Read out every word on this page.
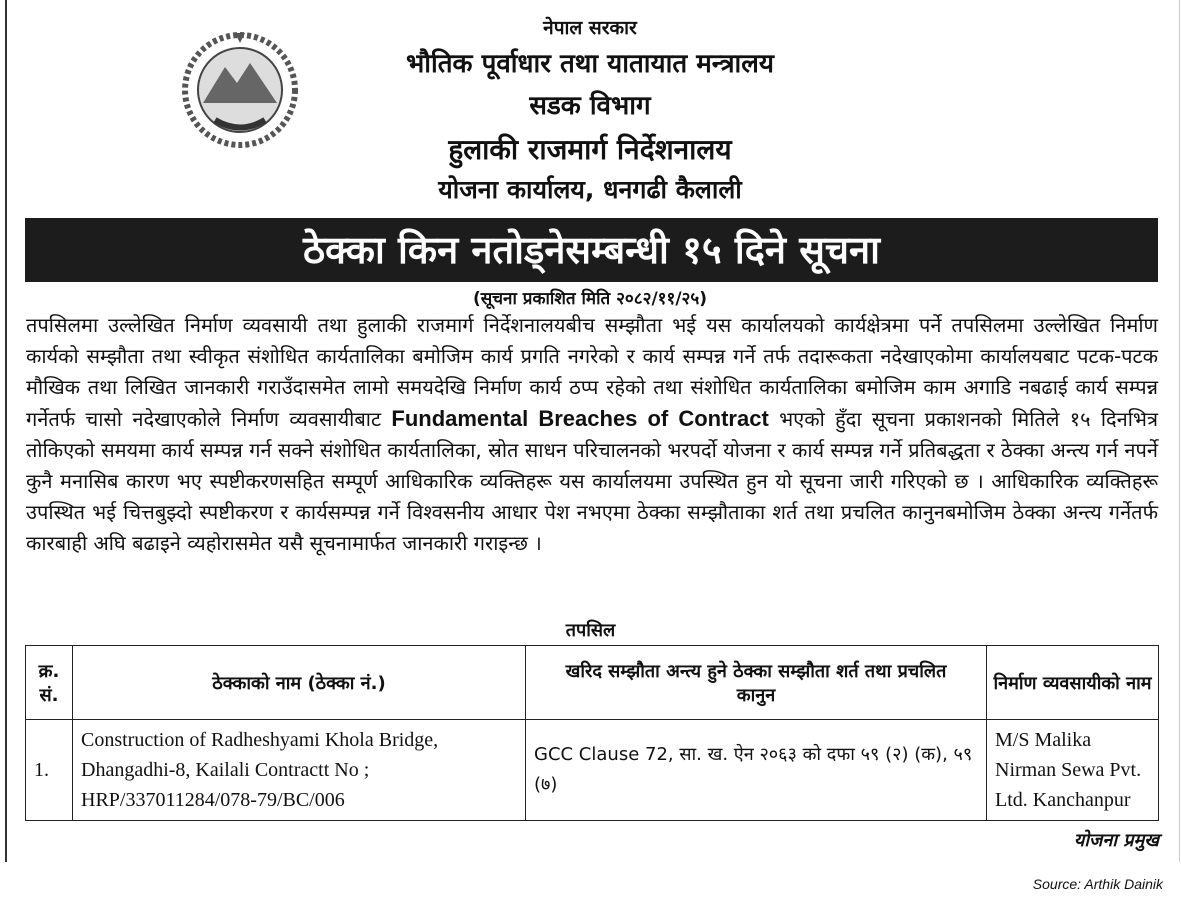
नेपाल सरकार
भौतिक पूर्वाधार तथा यातायात मन्त्रालय
सडक विभाग
हुलाकी राजमार्ग निर्देशनालय
योजना कार्यालय, धनगढी कैलाली
ठेक्का किन नतोड्नेसम्बन्धी १५ दिने सूचना
(सूचना प्रकाशित मिति २०८२/११/२५)
तपसिलमा उल्लेखित निर्माण व्यवसायी तथा हुलाकी राजमार्ग निर्देशनालयबीच सम्झौता भई यस कार्यालयको कार्यक्षेत्रमा पर्ने तपसिलमा उल्लेखित निर्माण कार्यको सम्झौता तथा स्वीकृत संशोधित कार्यतालिका बमोजिम कार्य प्रगति नगरेको र कार्य सम्पन्न गर्ने तर्फ तदारूकता नदेखाएकोमा कार्यालयबाट पटक-पटक मौखिक तथा लिखित जानकारी गराउँदासमेत लामो समयदेखि निर्माण कार्य ठप्प रहेको तथा संशोधित कार्यतालिका बमोजिम काम अगाडि नबढाई कार्य सम्पन्न गर्नेतर्फ चासो नदेखाएकोले निर्माण व्यवसायीबाट Fundamental Breaches of Contract भएको हुँदा सूचना प्रकाशनको मितिले १५ दिनभित्र तोकिएको समयमा कार्य सम्पन्न गर्न सक्ने संशोधित कार्यतालिका, स्रोत साधन परिचालनको भरपर्दो योजना र कार्य सम्पन्न गर्ने प्रतिबद्धता र ठेक्का अन्त्य गर्न नपर्ने कुनै मनासिब कारण भए स्पष्टीकरणसहित सम्पूर्ण आधिकारिक व्यक्तिहरू यस कार्यालयमा उपस्थित हुन यो सूचना जारी गरिएको छ । आधिकारिक व्यक्तिहरू उपस्थित भई चित्तबुझ्दो स्पष्टीकरण र कार्यसम्पन्न गर्ने विश्वसनीय आधार पेश नभएमा ठेक्का सम्झौताका शर्त तथा प्रचलित कानुनबमोजिम ठेक्का अन्त्य गर्नेतर्फ कारबाही अघि बढाइने व्यहोरासमेत यसै सूचनामार्फत जानकारी गराइन्छ ।
तपसिल
क्र. सं.	ठेक्काको नाम (ठेक्का नं.)	खरिद सम्झौता अन्त्य हुने ठेक्का सम्झौता शर्त तथा प्रचलित कानुन	निर्माण व्यवसायीको नाम
1.	Construction of Radheshyami Khola Bridge, Dhangadhi-8, Kailali Contractt No ; HRP/337011284/078-79/BC/006	GCC Clause 72, सा. ख. ऐन २०६३ को दफा ५९ (२) (क), ५९ (७)	M/S Malika Nirman Sewa Pvt. Ltd. Kanchanpur
योजना प्रमुख
Source: Arthik Dainik
